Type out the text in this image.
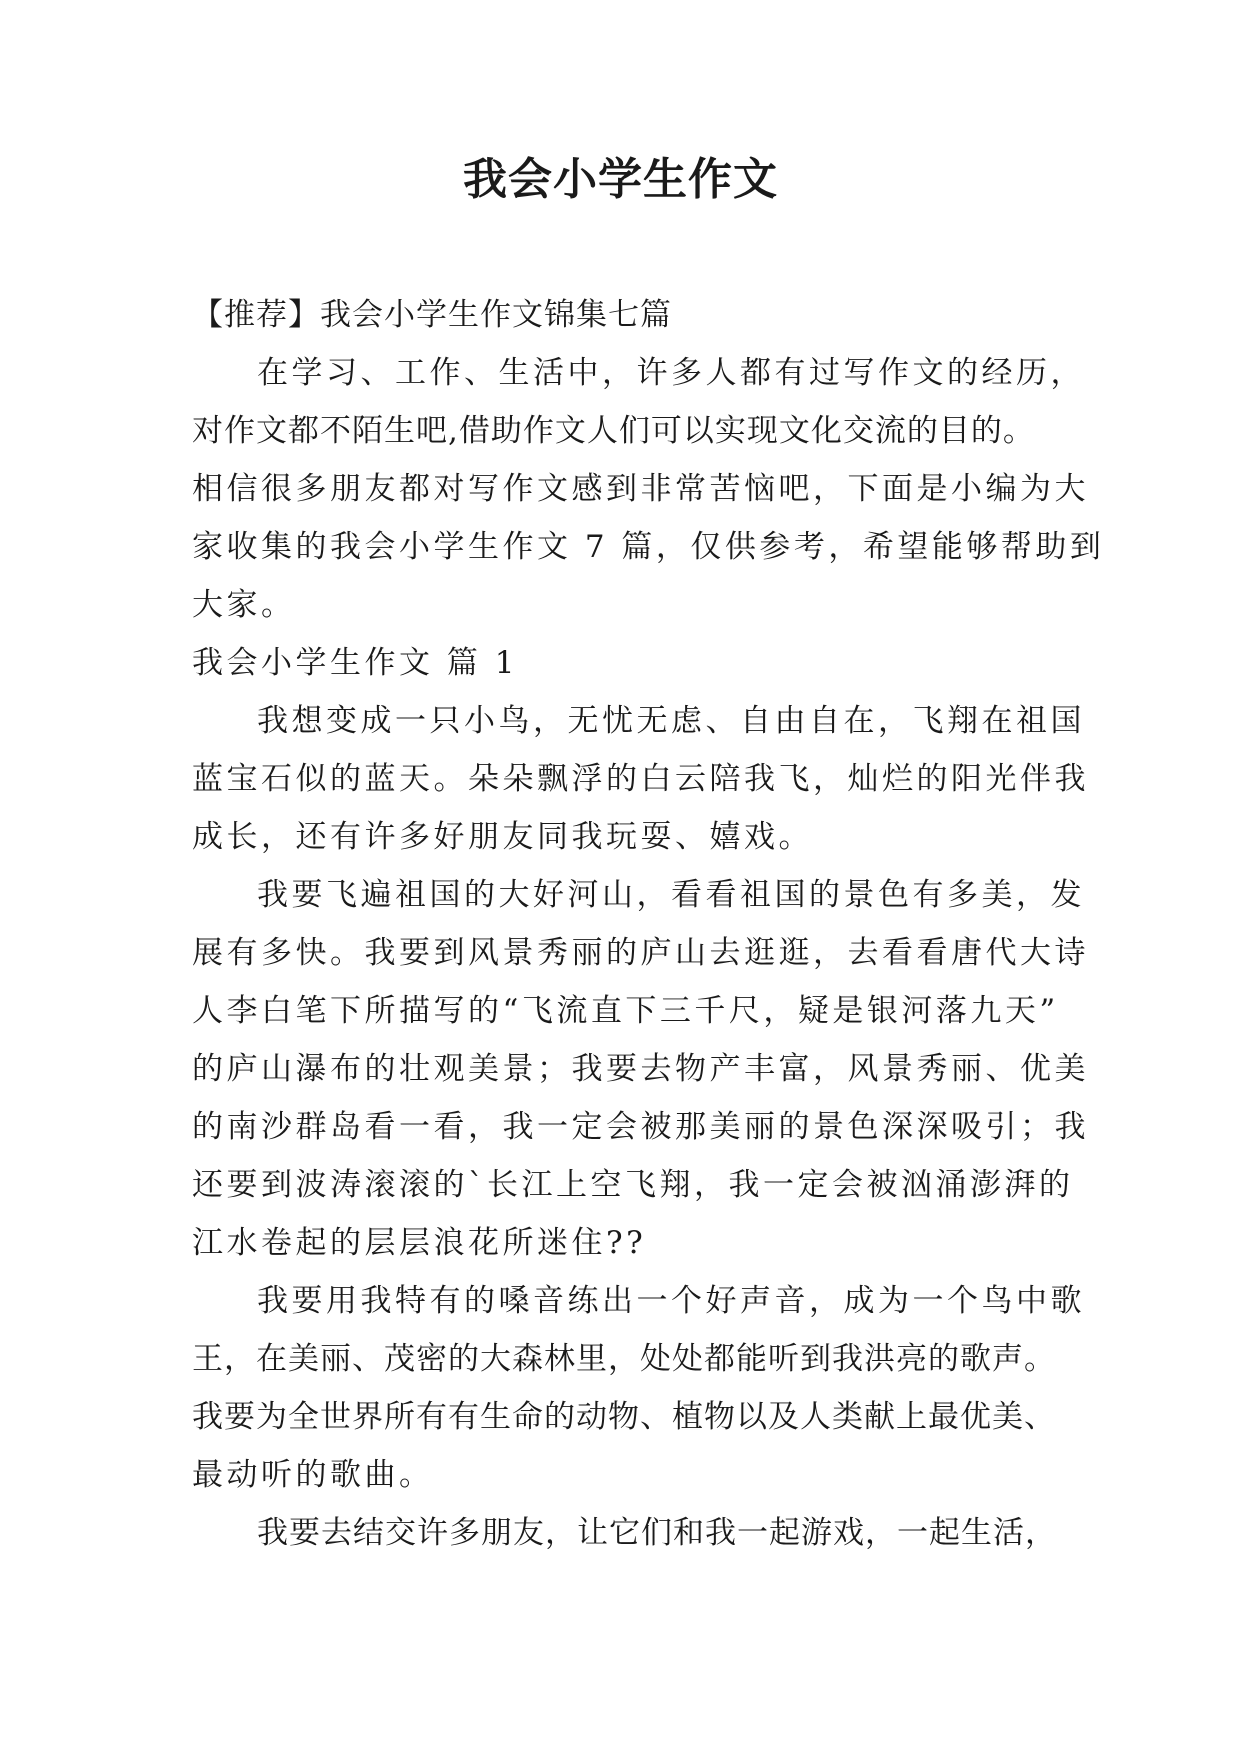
我会小学生作文
【推荐】我会小学生作文锦集七篇
在学习、工作、生活中，许多人都有过写作文的经历，
对作文都不陌生吧,借助作文人们可以实现文化交流的目的。
相信很多朋友都对写作文感到非常苦恼吧，下面是小编为大
家收集的我会小学生作文 7 篇，仅供参考，希望能够帮助到
大家。
我会小学生作文 篇 1
我想变成一只小鸟，无忧无虑、自由自在，飞翔在祖国
蓝宝石似的蓝天。朵朵飘浮的白云陪我飞，灿烂的阳光伴我
成长，还有许多好朋友同我玩耍、嬉戏。
我要飞遍祖国的大好河山，看看祖国的景色有多美，发
展有多快。我要到风景秀丽的庐山去逛逛，去看看唐代大诗
人李白笔下所描写的“飞流直下三千尺，疑是银河落九天”
的庐山瀑布的壮观美景；我要去物产丰富，风景秀丽、优美
的南沙群岛看一看，我一定会被那美丽的景色深深吸引；我
还要到波涛滚滚的`长江上空飞翔，我一定会被汹涌澎湃的
江水卷起的层层浪花所迷住??
我要用我特有的嗓音练出一个好声音，成为一个鸟中歌
王，在美丽、茂密的大森林里，处处都能听到我洪亮的歌声。
我要为全世界所有有生命的动物、植物以及人类献上最优美、
最动听的歌曲。
我要去结交许多朋友，让它们和我一起游戏，一起生活，
